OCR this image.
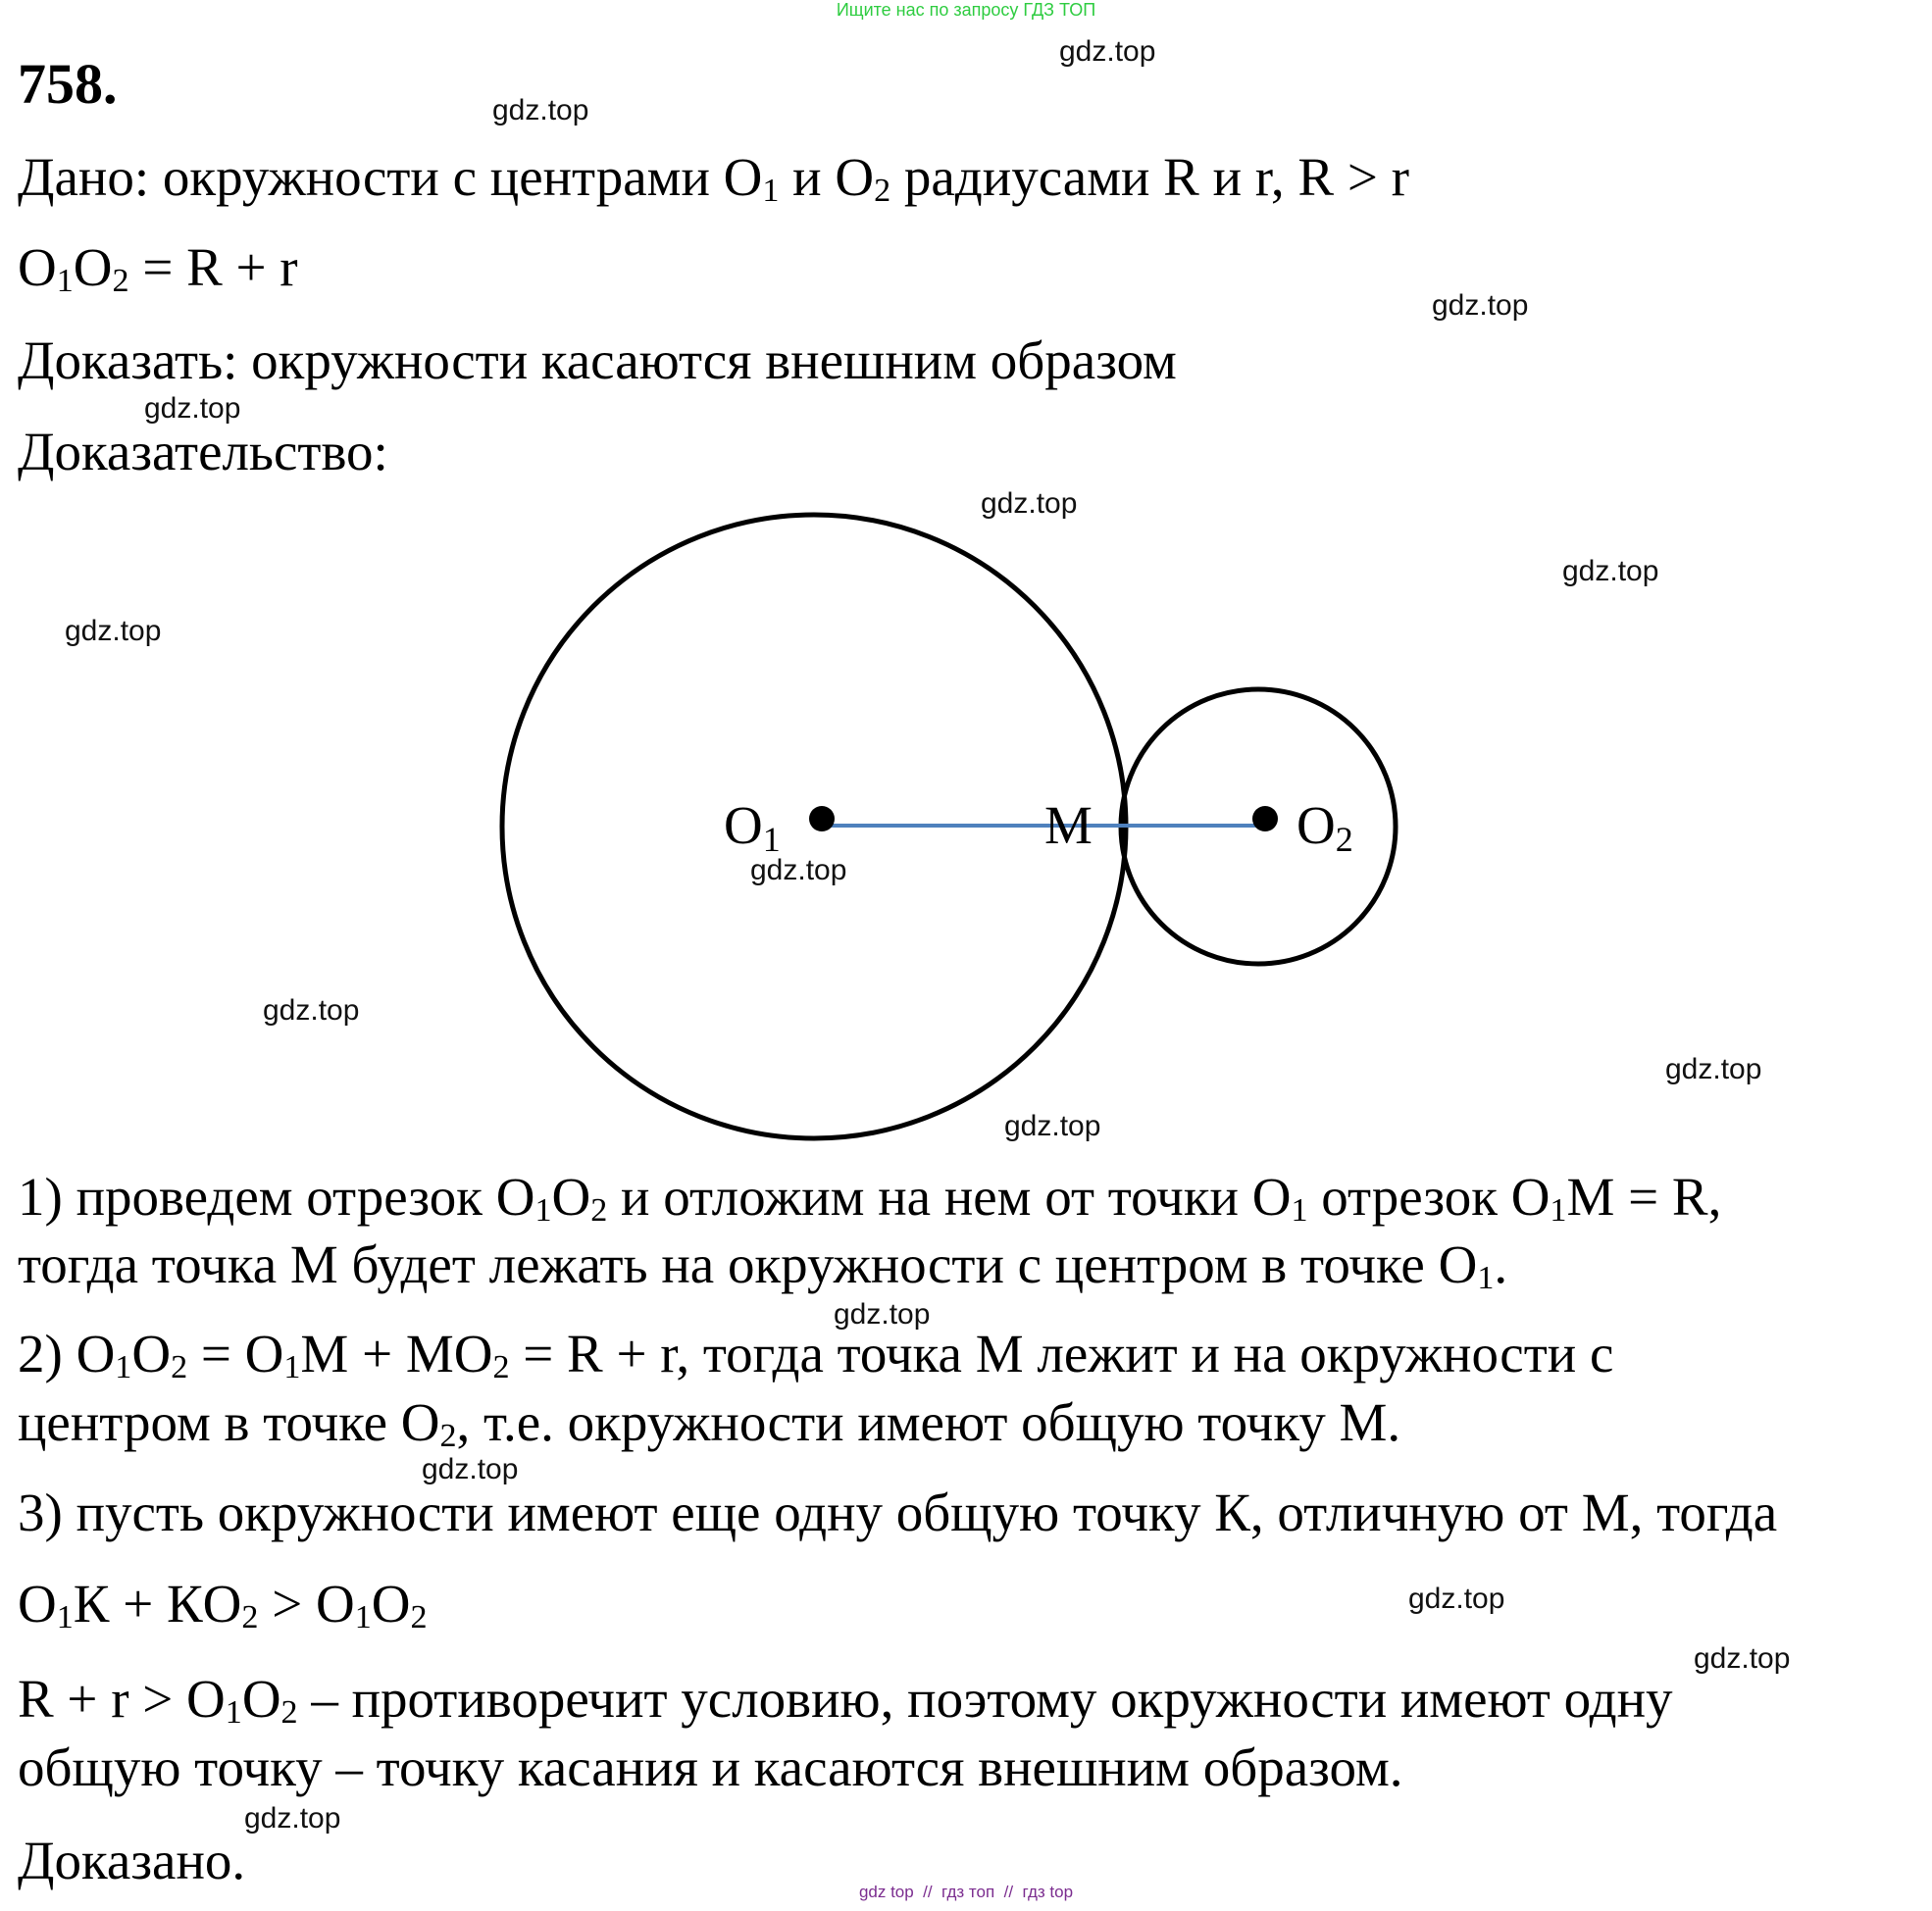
Ищите нас по запросу ГДЗ ТОП
758.
Дано: окружности с центрами $O_1$ и $O_2$ радиусами R и r, R > r
$O_1O_2 = R + r$
Доказать: окружности касаются внешним образом
Доказательство:
O1	M	O2
1) проведем отрезок $O_1O_2$ и отложим на нем от точки $O_1$ отрезок $O_1M = R$,
тогда точка M будет лежать на окружности с центром в точке $O_1$.
2) $O_1O_2 = O_1M + MO_2 = R + r$, тогда точка M лежит и на окружности с
центром в точке $O_2$, т.е. окружности имеют общую точку M.
3) пусть окружности имеют еще одну общую точку К, отличную от M, тогда
$O_1К + КO_2 > O_1O_2$
$R + r > O_1O_2$ – противоречит условию, поэтому окружности имеют одну
общую точку – точку касания и касаются внешним образом.
Доказано.
gdz.top
gdz.top
gdz.top
gdz.top
gdz.top
gdz.top
gdz.top
gdz.top
gdz.top
gdz.top
gdz.top
gdz.top
gdz.top
gdz.top
gdz.top
gdz.top
gdz top  //  гдз топ  //  гдз top
